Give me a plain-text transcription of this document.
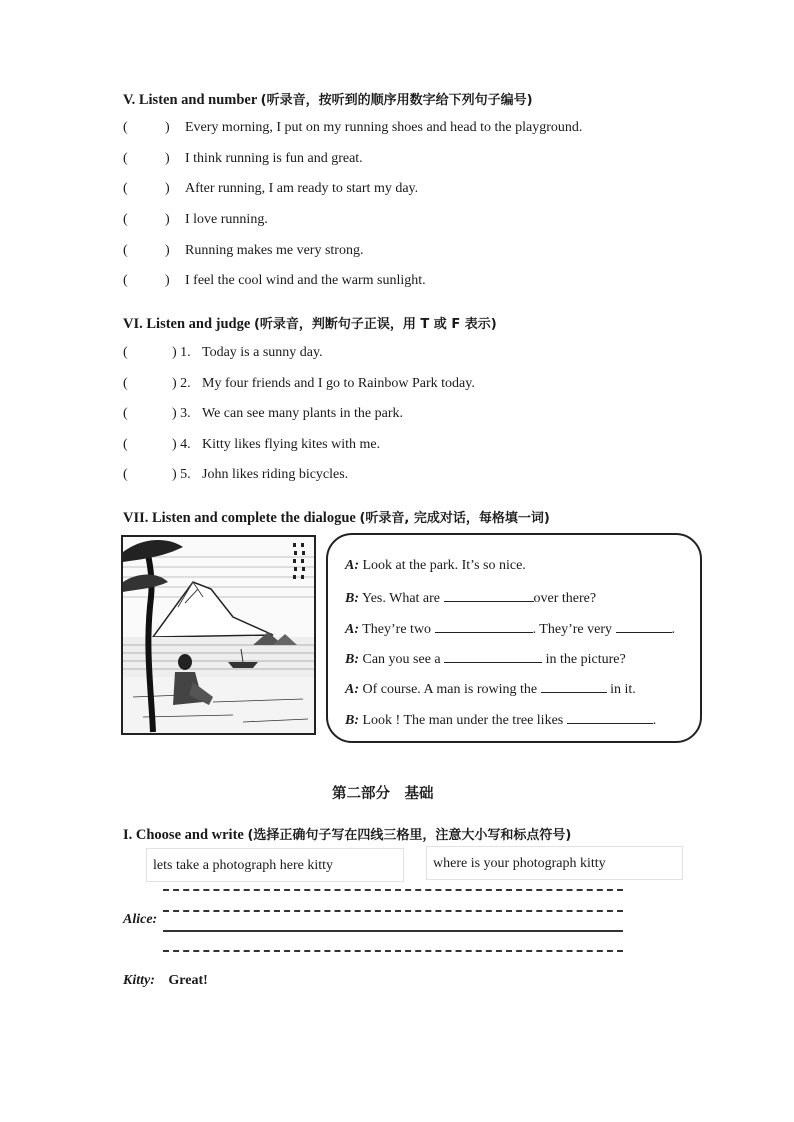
V. Listen and number (听录音，按听到的顺序用数字给下列句子编号)
(	) Every morning, I put on my running shoes and head to the playground.
(	) I think running is fun and great.
(	) After running, I am ready to start my day.
(	) I love running.
(	) Running makes me very strong.
(	) I feel the cool wind and the warm sunlight.
VI. Listen and judge (听录音，判断句子正误，用 T 或 F 表示)
(	) 1. Today is a sunny day.
(	) 2. My four friends and I go to Rainbow Park today.
(	) 3. We can see many plants in the park.
(	) 4. Kitty likes flying kites with me.
(	) 5. John likes riding bicycles.
VII. Listen and complete the dialogue (听录音, 完成对话，每格填一词)
A: Look at the park. It’s so nice.
B: Yes. What are	over there?
A: They’re two	. They’re very	.
B: Can you see a	in the picture?
A: Of course. A man is rowing the	in it.
B: Look ! The man under the tree likes	.
第二部分　基础
I. Choose and write (选择正确句子写在四线三格里，注意大小写和标点符号)
lets take a photograph here kitty	where is your photograph kitty
Alice:
Kitty: Great!
